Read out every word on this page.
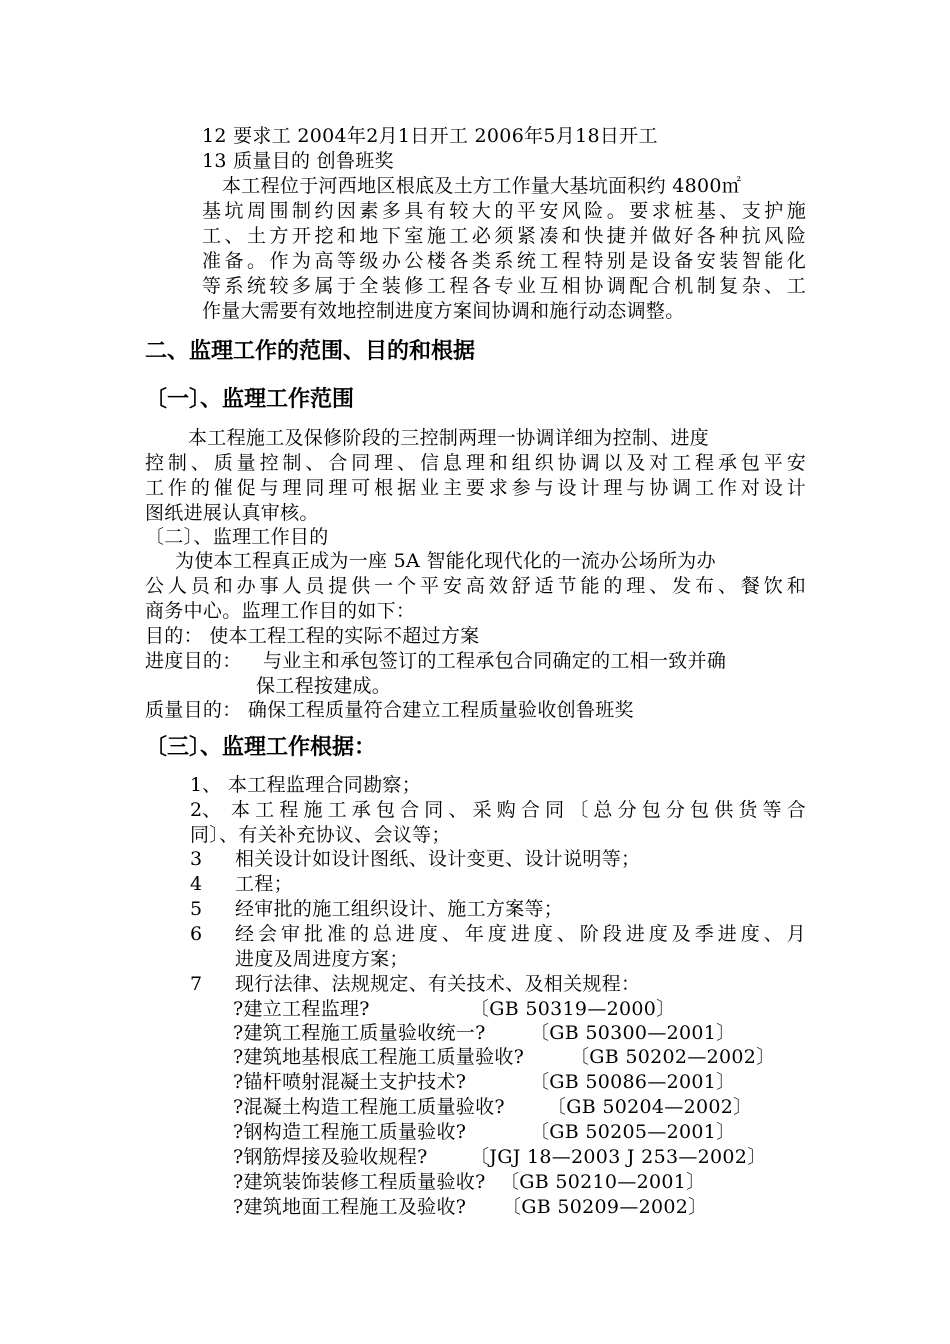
12 要求工 2004年2月1日开工 2006年5月18日开工
13 质量目的 创鲁班奖
本工程位于河西地区根底及土方工作量大基坑面积约 4800㎡
基坑周围制约因素多具有较大的平安风险。要求桩基、支护施
工、土方开挖和地下室施工必须紧凑和快捷并做好各种抗风险
准备。作为高等级办公楼各类系统工程特别是设备安装智能化
等系统较多属于全装修工程各专业互相协调配合机制复杂、工
作量大需要有效地控制进度方案间协调和施行动态调整。
二、监理工作的范围、目的和根据
〔一〕、监理工作范围
本工程施工及保修阶段的三控制两理一协调详细为控制、进度
控制、质量控制、合同理、信息理和组织协调以及对工程承包平安
工作的催促与理同理可根据业主要求参与设计理与协调工作对设计
图纸进展认真审核。
〔二〕、监理工作目的
为使本工程真正成为一座 5A 智能化现代化的一流办公场所为办
公人员和办事人员提供一个平安高效舒适节能的理、发布、餐饮和
商务中心。监理工作目的如下：
目的： 使本工程工程的实际不超过方案
进度目的： 与业主和承包签订的工程承包合同确定的工相一致并确
保工程按建成。
质量目的： 确保工程质量符合建立工程质量验收创鲁班奖
〔三〕、监理工作根据：
1、 本工程监理合同勘察；
2、 本工程施工承包合同、采购合同〔总分包分包供货等合
同〕、有关补充协议、会议等；
3 相关设计如设计图纸、设计变更、设计说明等；
4 工程；
5 经审批的施工组织设计、施工方案等；
6 经会审批准的总进度、年度进度、阶段进度及季进度、月
进度及周进度方案；
7 现行法律、法规规定、有关技术、及相关规程：
?建立工程监理?	〔GB 50319—2000〕
?建筑工程施工质量验收统一? 〔GB 50300—2001〕
?建筑地基根底工程施工质量验收? 〔GB 50202—2002〕
?锚杆喷射混凝土支护技术?	〔GB 50086—2001〕
?混凝土构造工程施工质量验收? 〔GB 50204—2002〕
?钢构造工程施工质量验收?	〔GB 50205—2001〕
?钢筋焊接及验收规程? 〔JGJ 18—2003 J 253—2002〕
?建筑装饰装修工程质量验收? 〔GB 50210—2001〕
?建筑地面工程施工及验收? 〔GB 50209—2002〕
